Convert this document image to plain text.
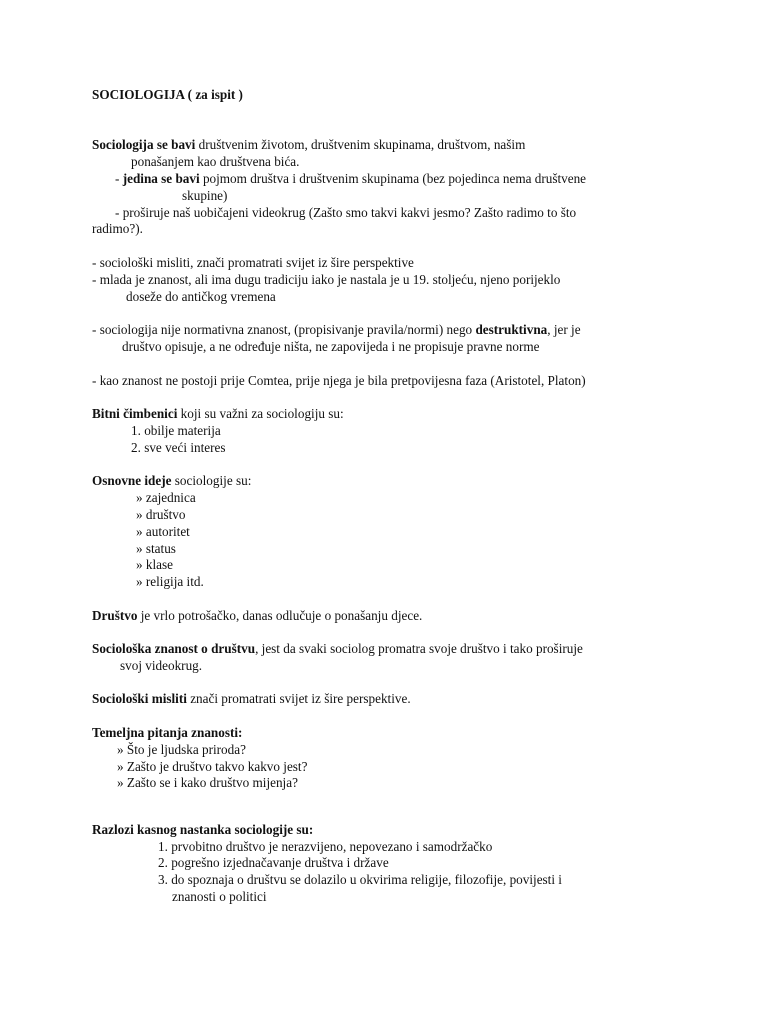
SOCIOLOGIJA ( za ispit )
Sociologija se bavi društvenim životom, društvenim skupinama, društvom, našim
ponašanjem kao društvena bića.
- jedina se bavi pojmom društva i društvenim skupinama (bez pojedinca nema društvene
skupine)
- proširuje naš uobičajeni videokrug (Zašto smo takvi kakvi jesmo? Zašto radimo to što
radimo?).
- sociološki misliti, znači promatrati svijet iz šire perspektive
- mlada je znanost, ali ima dugu tradiciju iako je nastala je u 19. stoljeću, njeno porijeklo
doseže do antičkog vremena
- sociologija nije normativna znanost, (propisivanje pravila/normi) nego destruktivna, jer je
društvo opisuje, a ne određuje ništa, ne zapovijeda i ne propisuje pravne norme
- kao znanost ne postoji prije Comtea, prije njega je bila pretpovijesna faza (Aristotel, Platon)
Bitni čimbenici koji su važni za sociologiju su:
1. obilje materija
2. sve veći interes
Osnovne ideje sociologije su:
» zajednica
» društvo
» autoritet
» status
» klase
» religija itd.
Društvo je vrlo potrošačko, danas odlučuje o ponašanju djece.
Sociološka znanost o društvu, jest da svaki sociolog promatra svoje društvo i tako proširuje
svoj videokrug.
Sociološki misliti znači promatrati svijet iz šire perspektive.
Temeljna pitanja znanosti:
» Što je ljudska priroda?
» Zašto je društvo takvo kakvo jest?
» Zašto se i kako društvo mijenja?
Razlozi kasnog nastanka sociologije su:
1. prvobitno društvo je nerazvijeno, nepovezano i samodržačko
2. pogrešno izjednačavanje društva i države
3. do spoznaja o društvu se dolazilo u okvirima religije, filozofije, povijesti i
znanosti o politici
